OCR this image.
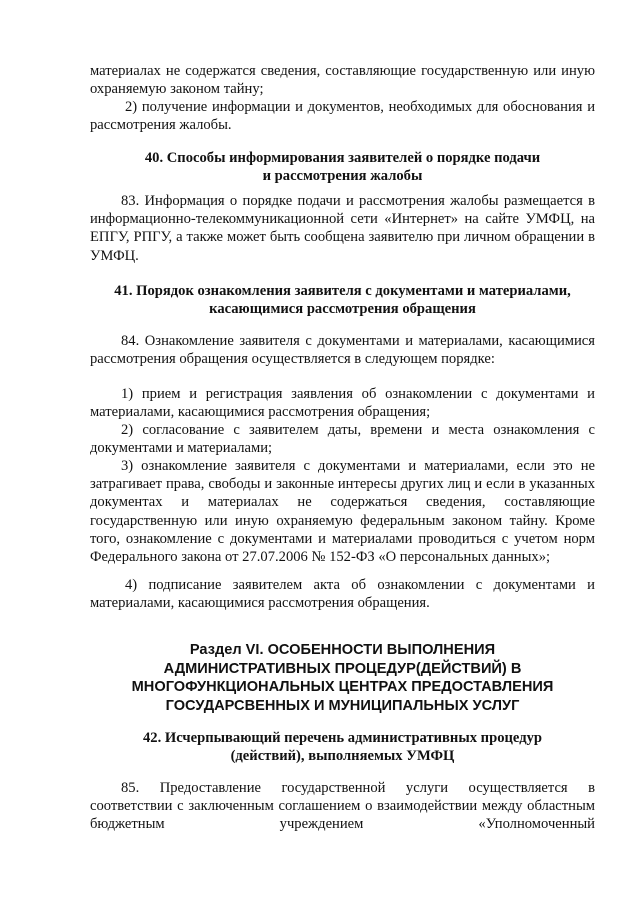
материалах не содержатся сведения, составляющие государственную или иную охраняемую законом тайну;

2) получение информации и документов, необходимых для обоснования и рассмотрения жалобы.

40. Способы информирования заявителей о порядке подачи
и рассмотрения жалобы

83. Информация о порядке подачи и рассмотрения жалобы размещается в информационно-телекоммуникационной сети «Интернет» на сайте УМФЦ, на ЕПГУ, РПГУ, а также может быть сообщена заявителю при личном обращении в УМФЦ.

41. Порядок ознакомления заявителя с документами и материалами,
касающимися рассмотрения обращения

84. Ознакомление заявителя с документами и материалами, касающимися рассмотрения обращения осуществляется в следующем порядке:

1) прием и регистрация заявления об ознакомлении с документами и материалами, касающимися рассмотрения обращения;

2) согласование с заявителем даты, времени и места ознакомления с документами и материалами;

3) ознакомление заявителя с документами и материалами, если это не затрагивает права, свободы и законные интересы других лиц и если в указанных документах и материалах не содержаться сведения, составляющие государственную или иную охраняемую федеральным законом тайну. Кроме того, ознакомление с документами и материалами проводиться с учетом норм Федерального закона от 27.07.2006 № 152-ФЗ «О персональных данных»;

4) подписание заявителем акта об ознакомлении с документами и материалами, касающимися рассмотрения обращения.

Раздел VI. ОСОБЕННОСТИ ВЫПОЛНЕНИЯ
АДМИНИСТРАТИВНЫХ ПРОЦЕДУР(ДЕЙСТВИЙ) В
МНОГОФУНКЦИОНАЛЬНЫХ ЦЕНТРАХ ПРЕДОСТАВЛЕНИЯ
ГОСУДАРСВЕННЫХ И МУНИЦИПАЛЬНЫХ УСЛУГ
42. Исчерпывающий перечень административных процедур
(действий), выполняемых УМФЦ

85. Предоставление государственной услуги осуществляется в соответствии с заключенным соглашением о взаимодействии между областным бюджетным учреждением «Уполномоченный
